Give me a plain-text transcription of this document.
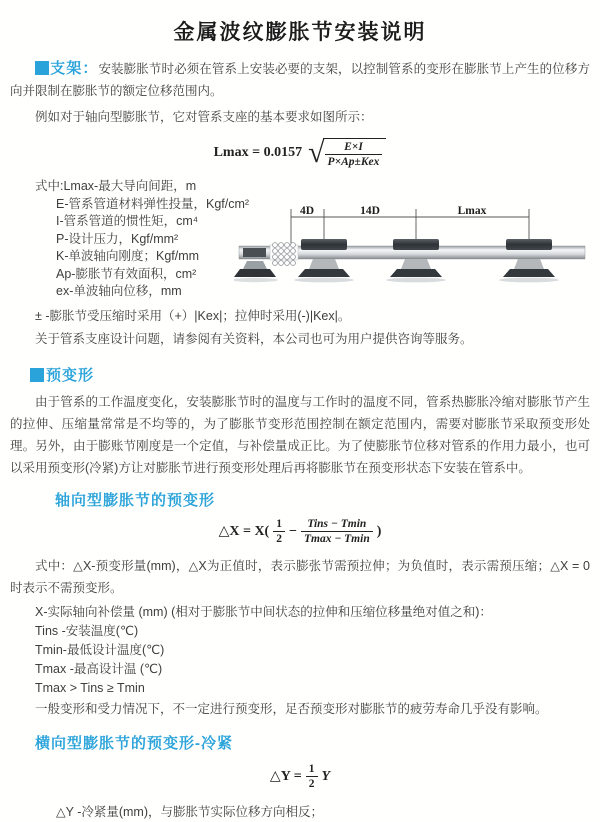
金属波纹膨胀节安装说明

支架：安装膨胀节时必须在管系上安装必要的支架，以控制管系的变形在膨胀节上产生的位移方向并限制在膨胀节的额定位移范围内。

例如对于轴向型膨胀节，它对管系支座的基本要求如图所示：

Lmax = 0.0157 √ $\frac{E\times I}{\text{P×Ap±Kex}}$
式中:Lmax-最大导向间距，m
E-管系管道材料弹性投量，Kgf/cm²
I-管系管道的惯性矩，cm⁴
P-设计压力，Kgf/mm²
K-单波轴向刚度；Kgf/mm
Ap-膨胀节有效面积，cm²
ex-单波轴向位移，mm
4D	14D	Lmax
± -膨胀节受压缩时采用（+）|Kex|；拉伸时采用(-)|Kex|。

关于管系支座设计问题，请参阅有关资料，本公司也可为用户提供咨询等服务。

预变形

由于管系的工作温度变化，安装膨胀节时的温度与工作时的温度不同，管系热膨胀冷缩对膨胀节产生的拉伸、压缩量常常是不均等的，为了膨胀节变形范围控制在额定范围内，需要对膨胀节采取预变形处理。另外，由于膨账节刚度是一个定值，与补偿量成正比。为了使膨胀节位移对管系的作用力最小，也可以采用预变形(冷紧)方让对膨胀节进行预变形处理后再将膨胀节在预变形状态下安装在管系中。

轴向型膨胀节的预变形
△X = $X( \frac{1}{2} - \frac{\text{Tins − Tmin}}{Tmax - Tmin}$ )

式中：△X-预变形量(mm)，△X为正值时，表示膨张节需预拉伸；为负值时，表示需预压缩；△X = 0时表示不需预变形。

X-实际轴向补偿量 (mm) (相对于膨胀节中间状态的拉伸和压缩位移量绝对值之和)：
Tins -安装温度(℃)
Tmin-最低设计温度(℃)
Tmax -最高设计温 (℃)
Tmax > Tins ≥ Tmin

一般变形和受力情况下，不一定进行预变形，足否预变形对膨胀节的疲劳寿命几乎没有影响。

横向型膨胀节的预变形-冷紧
△Y = $\frac{1}{2}$ Y
△Y -冷紧量(mm)，与膨胀节实际位移方向相反；
